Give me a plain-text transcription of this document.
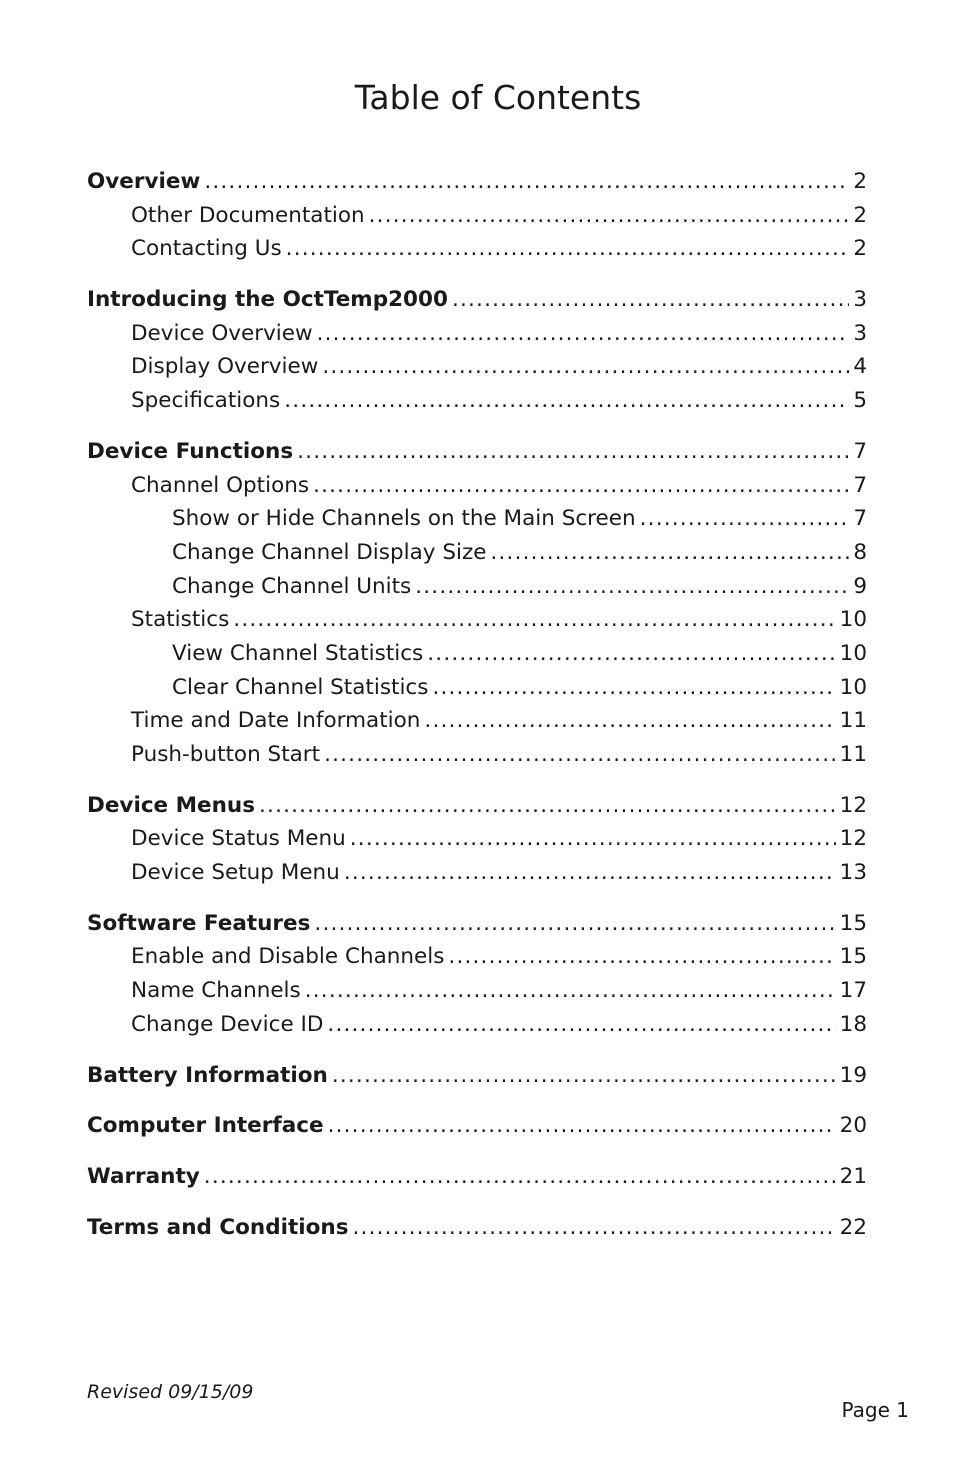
Table of Contents
Overview .....	2
Other Documentation .....	2
Contacting Us .....	2
Introducing the OctTemp2000 .....	3
Device Overview .....	3
Display Overview .....	4
Specifications .....	5
Device Functions .....	7
Channel Options .....	7
Show or Hide Channels on the Main Screen .....	7
Change Channel Display Size .....	8
Change Channel Units .....	9
Statistics .....	10
View Channel Statistics .....	10
Clear Channel Statistics .....	10
Time and Date Information .....	11
Push-button Start .....	11
Device Menus .....	12
Device Status Menu .....	12
Device Setup Menu .....	13
Software Features .....	15
Enable and Disable Channels .....	15
Name Channels .....	17
Change Device ID .....	18
Battery Information .....	19
Computer Interface .....	20
Warranty .....	21
Terms and Conditions .....	22
Revised 09/15/09
Page 1
